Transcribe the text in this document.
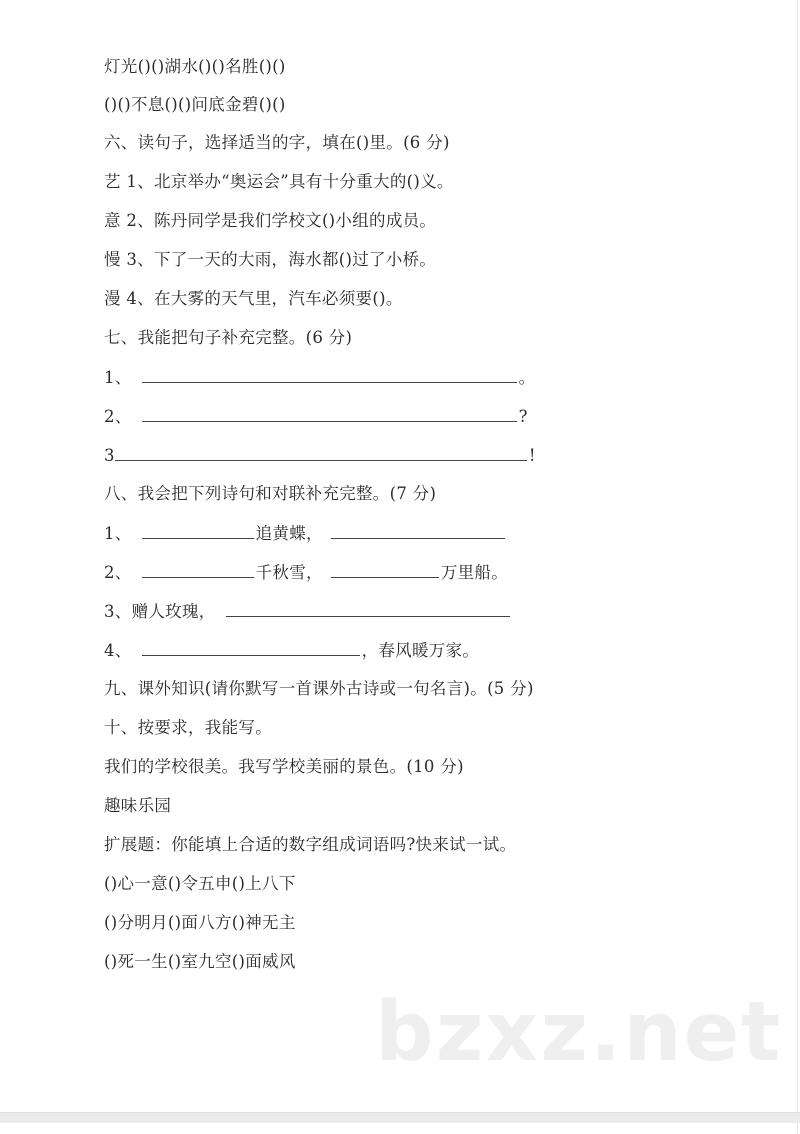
灯光()()湖水()()名胜()()
()()不息()()问底金碧()()
六、读句子，选择适当的字，填在()里。(6 分)
艺 1、北京举办“奥运会”具有十分重大的()义。
意 2、陈丹同学是我们学校文()小组的成员。
慢 3、下了一天的大雨，海水都()过了小桥。
漫 4、在大雾的天气里，汽车必须要()。
七、我能把句子补充完整。(6 分)
1、	。
2、	?
3	!
八、我会把下列诗句和对联补充完整。(7 分)
1、	追黄蝶，
2、	千秋雪，	万里船。
3、赠人玫瑰，
4、	，春风暖万家。
九、课外知识(请你默写一首课外古诗或一句名言)。(5 分)
十、按要求，我能写。
我们的学校很美。我写学校美丽的景色。(10 分)
趣味乐园
扩展题：你能填上合适的数字组成词语吗?快来试一试。
()心一意()令五申()上八下
()分明月()面八方()神无主
()死一生()室九空()面威风
bzxz.net
